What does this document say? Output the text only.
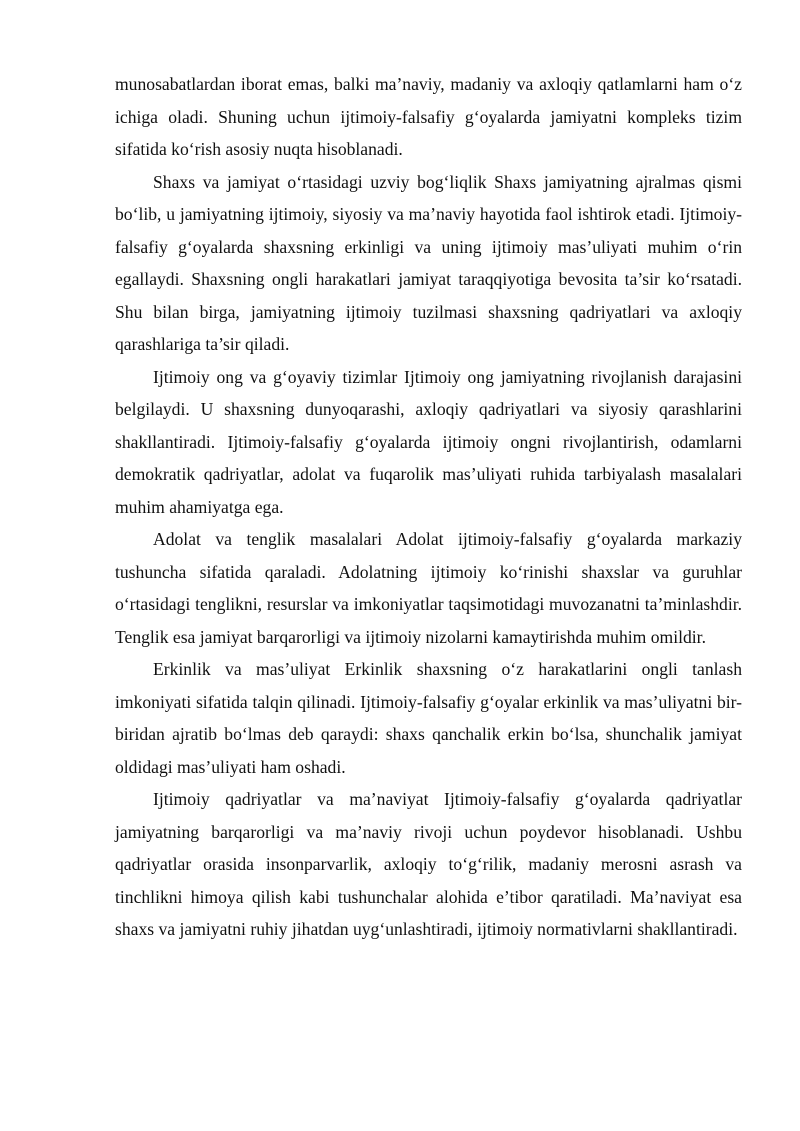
munosabatlardan iborat emas, balki ma’naviy, madaniy va axloqiy qatlamlarni ham o‘z ichiga oladi. Shuning uchun ijtimoiy-falsafiy g‘oyalarda jamiyatni kompleks tizim sifatida ko‘rish asosiy nuqta hisoblanadi.

Shaxs va jamiyat o‘rtasidagi uzviy bog‘liqlik Shaxs jamiyatning ajralmas qismi bo‘lib, u jamiyatning ijtimoiy, siyosiy va ma’naviy hayotida faol ishtirok etadi. Ijtimoiy-falsafiy g‘oyalarda shaxsning erkinligi va uning ijtimoiy mas’uliyati muhim o‘rin egallaydi. Shaxsning ongli harakatlari jamiyat taraqqiyotiga bevosita ta’sir ko‘rsatadi. Shu bilan birga, jamiyatning ijtimoiy tuzilmasi shaxsning qadriyatlari va axloqiy qarashlariga ta’sir qiladi.

Ijtimoiy ong va g‘oyaviy tizimlar Ijtimoiy ong jamiyatning rivojlanish darajasini belgilaydi. U shaxsning dunyoqarashi, axloqiy qadriyatlari va siyosiy qarashlarini shakllantiradi. Ijtimoiy-falsafiy g‘oyalarda ijtimoiy ongni rivojlantirish, odamlarni demokratik qadriyatlar, adolat va fuqarolik mas’uliyati ruhida tarbiyalash masalalari muhim ahamiyatga ega.

Adolat va tenglik masalalari Adolat ijtimoiy-falsafiy g‘oyalarda markaziy tushuncha sifatida qaraladi. Adolatning ijtimoiy ko‘rinishi shaxslar va guruhlar o‘rtasidagi tenglikni, resurslar va imkoniyatlar taqsimotidagi muvozanatni ta’minlashdir. Tenglik esa jamiyat barqarorligi va ijtimoiy nizolarni kamaytirishda muhim omildir.

Erkinlik va mas’uliyat Erkinlik shaxsning o‘z harakatlarini ongli tanlash imkoniyati sifatida talqin qilinadi. Ijtimoiy-falsafiy g‘oyalar erkinlik va mas’uliyatni bir-biridan ajratib bo‘lmas deb qaraydi: shaxs qanchalik erkin bo‘lsa, shunchalik jamiyat oldidagi mas’uliyati ham oshadi.

Ijtimoiy qadriyatlar va ma’naviyat Ijtimoiy-falsafiy g‘oyalarda qadriyatlar jamiyatning barqarorligi va ma’naviy rivoji uchun poydevor hisoblanadi. Ushbu qadriyatlar orasida insonparvarlik, axloqiy to‘g‘rilik, madaniy merosni asrash va tinchlikni himoya qilish kabi tushunchalar alohida e’tibor qaratiladi. Ma’naviyat esa shaxs va jamiyatni ruhiy jihatdan uyg‘unlashtiradi, ijtimoiy normativlarni shakllantiradi.
